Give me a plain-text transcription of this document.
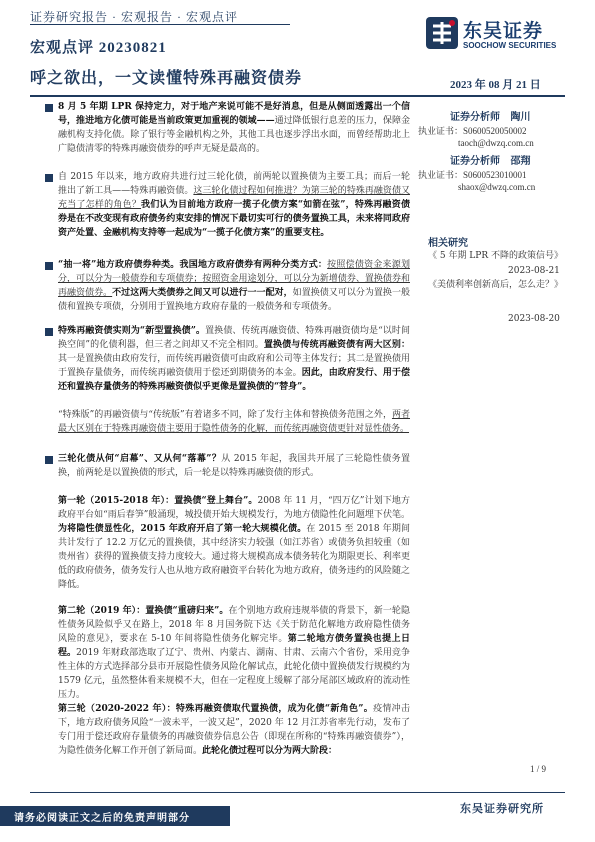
证券研究报告 · 宏观报告 · 宏观点评
宏观点评 20230821
东吴证券
SOOCHOW SECURITIES
呼之欲出，一文读懂特殊再融资债券	2023 年 08 月 21 日
证券分析师 陶川
执业证书：S0600520050002
taoch@dwzq.com.cn
证券分析师 邵翔
执业证书：S0600523010001
shaox@dwzq.com.cn
相关研究
《 5 年期 LPR 不降的政策信号》
2023-08-21
《美债利率创新高后，怎么走？》
2023-08-20
8 月 5 年期 LPR 保持定力，对于地产来说可能不是好消息，但是从侧面透露出一个信号，推进地方化债可能是当前政策更加重视的领域——通过降低银行息差的压力，保障金融机构支持化债。除了银行等金融机构之外，其他工具也逐步浮出水面，而曾经帮助北上广隐债清零的特殊再融资债券的呼声无疑是最高的。
自 2015 年以来，地方政府共进行过三轮化债，前两轮以置换债为主要工具；而后一轮推出了新工具——特殊再融资债。这三轮化债过程如何推进？为第三轮的特殊再融资债又充当了怎样的角色？我们认为目前地方政府一揽子化债方案“如箭在弦”，特殊再融资债券是在不改变现有政府债务约束安排的情况下最切实可行的债务置换工具，未来将同政府资产处置、金融机构支持等一起成为“一揽子化债方案”的重要支柱。
“抽一将”地方政府债券种类。我国地方政府债券有两种分类方式：按照偿债资金来源划分，可以分为一般债券和专项债券；按照资金用途划分，可以分为新增债券、置换债券和再融资债券。不过这两大类债券之间又可以进行一一配对，如置换债又可以分为置换一般债和置换专项债，分别用于置换地方政府存量的一般债务和专项债务。
特殊再融资债实则为“新型置换债”。置换债、传统再融资债、特殊再融资债均是“以时间换空间”的化债利器，但三者之间却又不完全相同。置换债与传统再融资债有两大区别：其一是置换债由政府发行，而传统再融资债可由政府和公司等主体发行；其二是置换债用于置换存量债务，而传统再融资债用于偿还到期债务的本金。因此，由政府发行、用于偿还和置换存量债务的特殊再融资债似乎更像是置换债的“替身”。
“特殊版”的再融资债与“传统版”有着诸多不同，除了发行主体和替换债务范围之外，两者最大区别在于特殊再融资债主要用于隐性债务的化解，而传统再融资债更针对显性债务。
三轮化债从何“启幕”、又从何“落幕”？从 2015 年起，我国共开展了三轮隐性债务置换，前两轮是以置换债的形式，后一轮是以特殊再融资债的形式。
第一轮（2015-2018 年）：置换债“登上舞台”。2008 年 11 月，“四万亿”计划下地方政府平台如“雨后春笋”般涌现，城投债开始大规模发行，为地方债隐性化问题埋下伏笔。为将隐性债显性化，2015 年政府开启了第一轮大规模化债。在 2015 至 2018 年期间共计发行了 12.2 万亿元的置换债，其中经济实力较强（如江苏省）或债务负担较重（如贵州省）获得的置换债支持力度较大。通过将大规模高成本债务转化为期限更长、利率更低的政府债务，债务发行人也从地方政府融资平台转化为地方政府，债务违约的风险随之降低。
第二轮（2019 年）：置换债“重磅归来”。在个别地方政府违规举债的背景下，新一轮隐性债务风险似乎又在路上，2018 年 8 月国务院下达《关于防范化解地方政府隐性债务风险的意见》，要求在 5-10 年间将隐性债务化解完毕。第二轮地方债务置换也提上日程。2019 年财政部选取了辽宁、贵州、内蒙古、湖南、甘肃、云南六个省份，采用竞争性主体的方式选择部分县市开展隐性债务风险化解试点，此轮化债中置换债发行规模约为 1579 亿元，虽然整体看来规模不大，但在一定程度上缓解了部分尾部区域政府的流动性压力。
第三轮（2020-2022 年）：特殊再融资债取代置换债，成为化债“新角色”。疫情冲击下，地方政府债务风险“一波未平，一波又起”，2020 年 12 月江苏省率先行动，发布了专门用于偿还政府存量债务的再融资债券信息公告（即现在所称的“特殊再融资债券”），为隐性债务化解工作开创了新局面。此轮化债过程可以分为两大阶段：
1 / 9
东吴证券研究所
请务必阅读正文之后的免责声明部分
